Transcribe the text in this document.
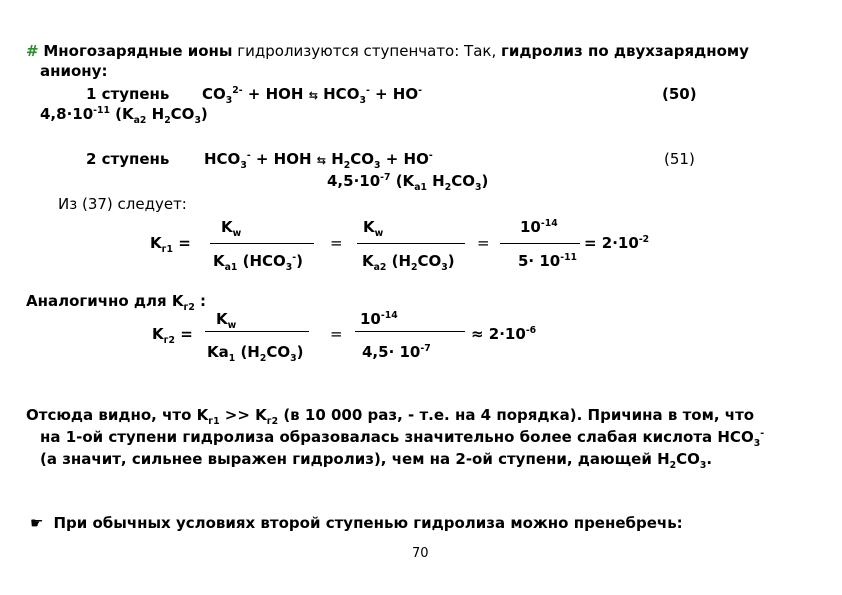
# Многозарядные ионы гидролизуются ступенчато: Так, гидролиз по двухзарядному
аниону:
1 ступень $CO_3^{2-}$ + HOH ⇆ $HCO_3^- + HO^-$	(50)
$4,8\cdot 10^{-11}$ ($K_{a2}$ $H_2CO_3$)
2 ступень $HCO_3^-$ + HOH ⇆ $H_2CO_3 + HO^-$	(51)
$4,5\cdot 10^{-7}$ ($K_{a1}$ $H_2CO_3$)
Из (37) следует:
$K_{г1}$ =
$K_w$
$K_{a1}$ $(HCO_3^-)$
=
$K_w$
$K_{a2}$ $(H_2CO_3)$
=
$10^{-14}$
$5\cdot 10^{-11}$
= $2\cdot 10^{-2}$
Аналогично для $K_{г2}$ :
$K_{г2}$ =
$K_w$
$Ka_1$ $(H_2CO_3)$
=
$10^{-14}$
$4,5\cdot 10^{-7}$
≈ $2\cdot 10^{-6}$
Отсюда видно, что $K_{г1} >> K_{г2}$ (в 10 000 раз, - т.е. на 4 порядка). Причина в том, что
на 1-ой ступени гидролиза образовалась значительно более слабая кислота $HCO_3^-$
(а значит, сильнее выражен гидролиз), чем на 2-ой ступени, дающей $H_2CO_3$.
☛ При обычных условиях второй ступенью гидролиза можно пренебречь:
70
